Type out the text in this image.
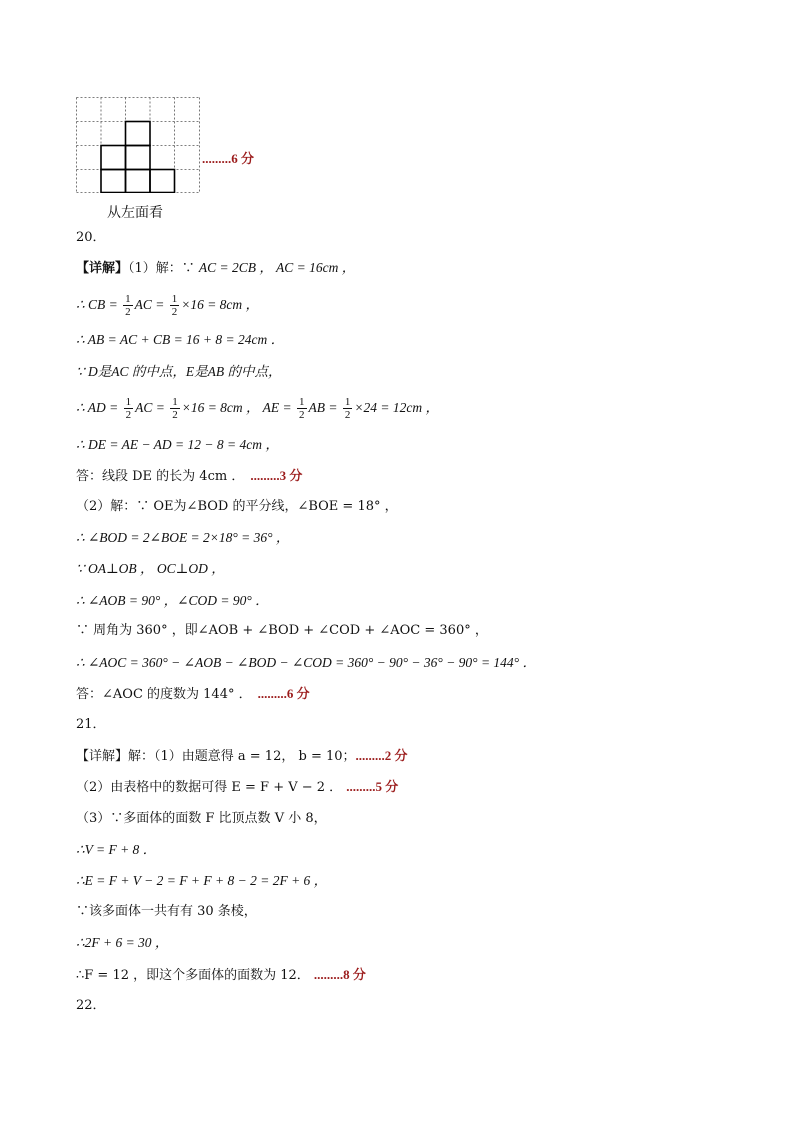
.........6 分
从左面看
20．
【详解】（1）解：∵ AC = 2CB ， AC = 16cm ，
∴ CB = $\frac{1}{2}$ AC = $\frac{1}{2} \times 16 = 8cm$ ，
∴ AB = AC + CB = 16 + 8 = 24cm ．
∵ D是AC 的中点，E是AB 的中点，
∴ AD = $\frac{1}{2}$ AC = $\frac{1}{2} \times 16 = 8cm$ ， AE = $\frac{1}{2}$ AB = $\frac{1}{2} \times 24 = 12cm$ ，
∴ DE = AE − AD = 12 − 8 = 4cm ，
答：线段 DE 的长为 4cm ． .........3 分
（2）解：∵ OE为∠BOD 的平分线，∠BOE = 18° ，
∴ ∠BOD = 2∠BOE = 2×18° = 36° ，
∵ OA⊥OB ， OC⊥OD ，
∴ ∠AOB = 90° ，∠COD = 90° ．
∵ 周角为 360° ，即∠AOB + ∠BOD + ∠COD + ∠AOC = 360° ，
∴ ∠AOC = 360° − ∠AOB − ∠BOD − ∠COD = 360° − 90° − 36° − 90° = 144° ．
答：∠AOC 的度数为 144° ． .........6 分
21．
【详解】解：（1）由题意得 a = 12， b = 10；.........2 分
（2）由表格中的数据可得 E = F + V − 2 ． .........5 分
（3）∵多面体的面数 F 比顶点数 V 小 8，
∴V = F + 8 ．
∴E = F + V − 2 = F + F + 8 − 2 = 2F + 6 ，
∵该多面体一共有有 30 条棱，
∴2F + 6 = 30 ，
∴F = 12 ，即这个多面体的面数为 12． .........8 分
22．
